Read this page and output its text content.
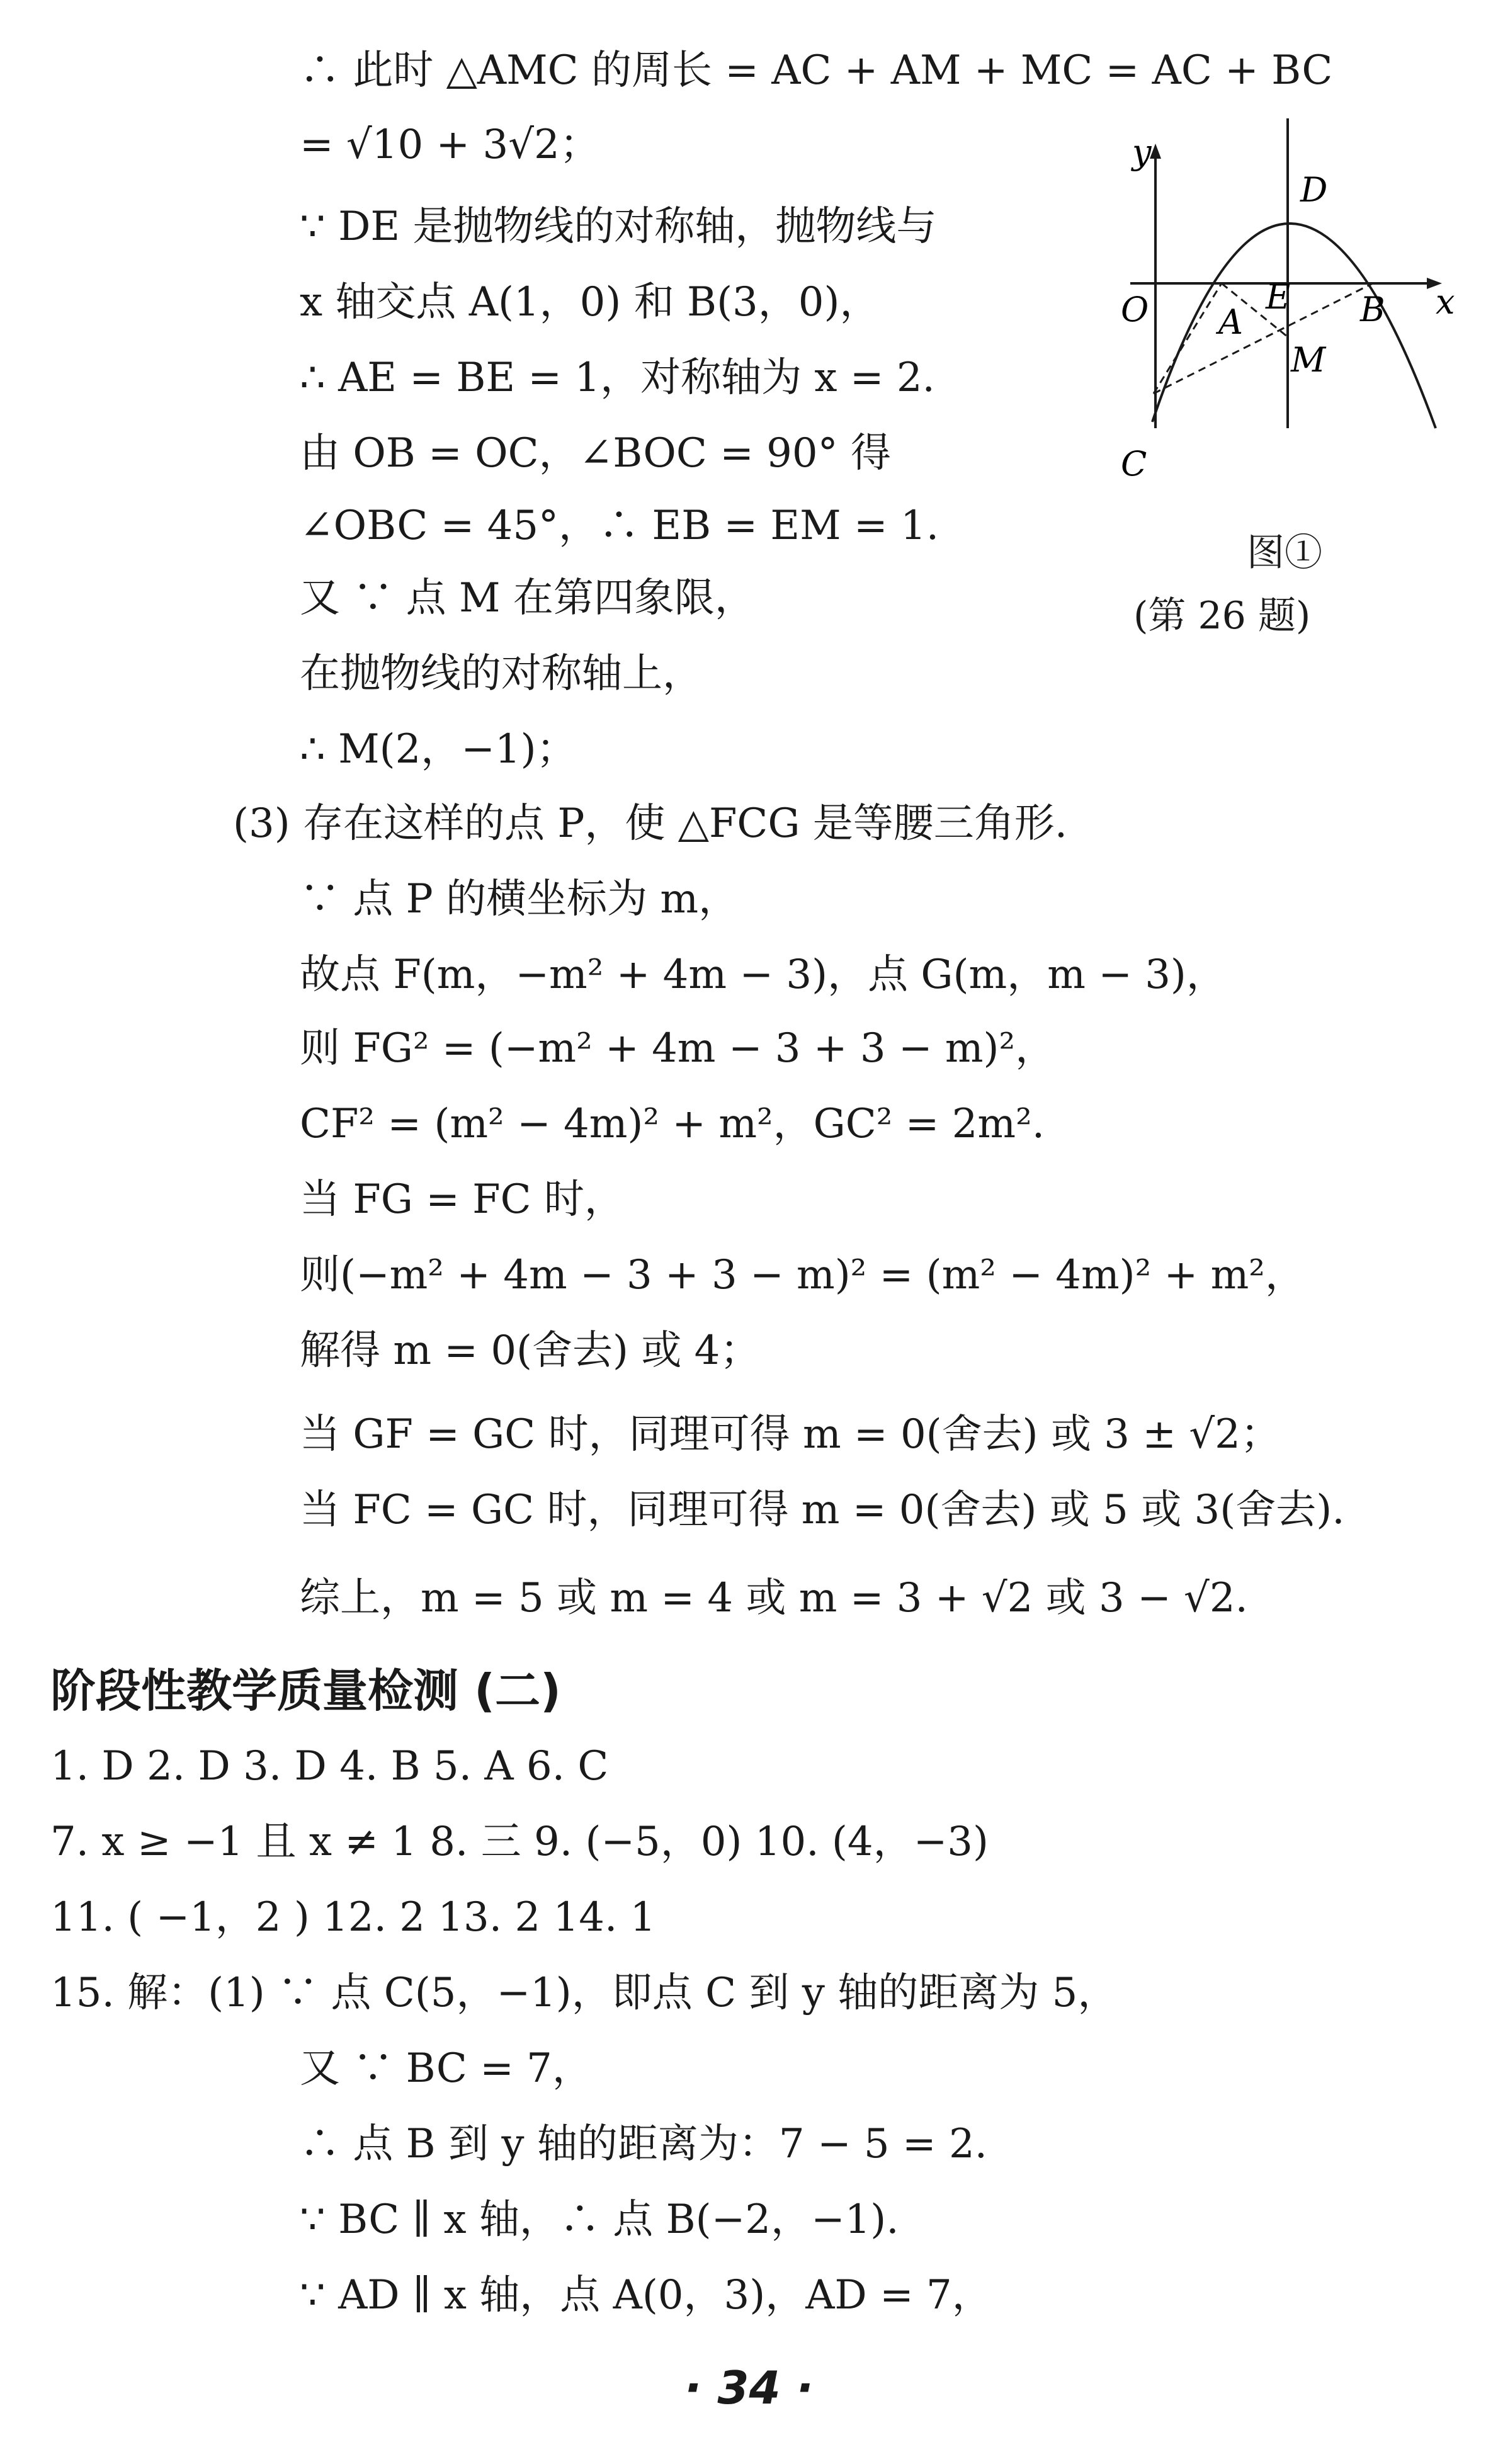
∴ 此时 △AMC 的周长 = AC + AM + MC = AC + BC
= √10 + 3√2；
∵ DE 是抛物线的对称轴，抛物线与
x 轴交点 A(1，0) 和 B(3，0)，
∴ AE = BE = 1，对称轴为 x = 2.
由 OB = OC，∠BOC = 90° 得
∠OBC = 45°，∴ EB = EM = 1.
又 ∵ 点 M 在第四象限，
在抛物线的对称轴上，
∴ M(2，−1)；
(3) 存在这样的点 P，使 △FCG 是等腰三角形.
∵ 点 P 的横坐标为 m，
故点 F(m，−m² + 4m − 3)，点 G(m，m − 3)，
则 FG² = (−m² + 4m − 3 + 3 − m)²，
CF² = (m² − 4m)² + m²，GC² = 2m².
当 FG = FC 时，
则(−m² + 4m − 3 + 3 − m)² = (m² − 4m)² + m²，
解得 m = 0(舍去) 或 4；
当 GF = GC 时，同理可得 m = 0(舍去) 或 3 ± √2；
当 FC = GC 时，同理可得 m = 0(舍去) 或 5 或 3(舍去).
综上，m = 5 或 m = 4 或 m = 3 + √2 或 3 − √2.
y
x
O
D
E
A	B
M
C
图①
(第 26 题)
阶段性教学质量检测 (二)
1. D 2. D 3. D 4. B 5. A 6. C
7. x ≥ −1 且 x ≠ 1 8. 三 9. (−5，0) 10. (4，−3)
11. ( −1，2 ) 12. 2 13. 2 14. 1
15. 解：(1) ∵ 点 C(5，−1)，即点 C 到 y 轴的距离为 5，
又 ∵ BC = 7，
∴ 点 B 到 y 轴的距离为：7 − 5 = 2.
∵ BC ∥ x 轴，∴ 点 B(−2，−1).
∵ AD ∥ x 轴，点 A(0，3)，AD = 7，
· 34 ·
